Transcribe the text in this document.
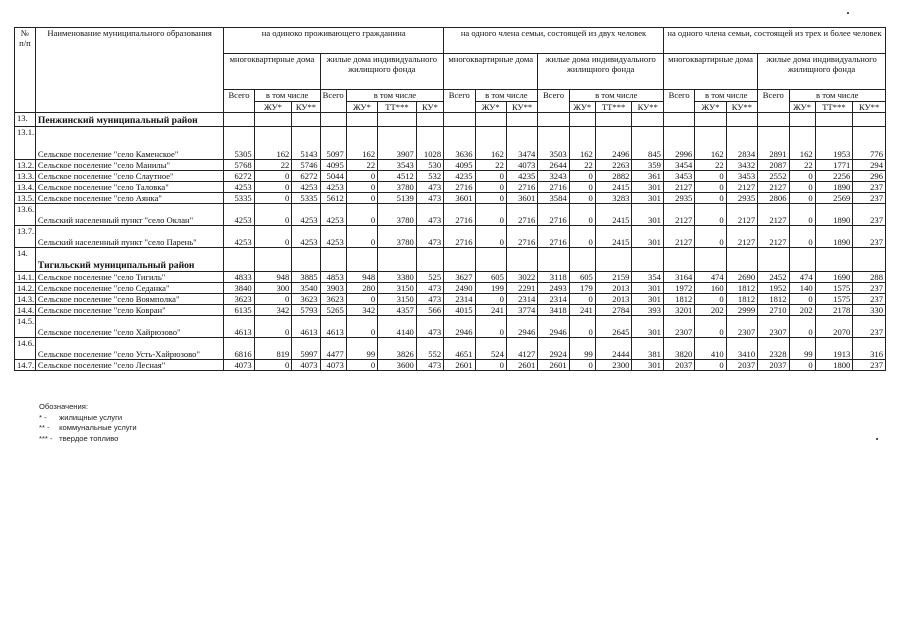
№ п/п	Наименование муниципального образования	на одиноко проживающего гражданина							на одного члена семьи, состоящей из двух человек							на одного члена семьи, состоящей из трех и более человек						
		многоквартирные дома			жилые дома индивидуального жилищного фонда				многоквартирные дома			жилые дома индивидуального жилищного фонда				многоквартирные дома			жилые дома индивидуального жилищного фонда			
		Всего	в том числе		Всего	в том числе			Всего	в том числе		Всего	в том числе			Всего	в том числе		Всего	в том числе		
			ЖУ*	КУ**		ЖУ*	ТТ***	КУ*		ЖУ*	КУ**		ЖУ*	ТТ***	КУ**		ЖУ*	КУ**		ЖУ*	ТТ***	КУ**
13.	Пенжинский муниципальный район																					
13.1.	Сельское поселение "село Каменское"	5305	162	5143	5097	162	3907	1028	3636	162	3474	3503	162	2496	845	2996	162	2834	2891	162	1953	776
13.2.	Сельское поселение "село Манилы"	5768	22	5746	4095	22	3543	530	4095	22	4073	2644	22	2263	359	3454	22	3432	2087	22	1771	294
13.3.	Сельское поселение "село Слаутное"	6272	0	6272	5044	0	4512	532	4235	0	4235	3243	0	2882	361	3453	0	3453	2552	0	2256	296
13.4.	Сельское поселение "село Таловка"	4253	0	4253	4253	0	3780	473	2716	0	2716	2716	0	2415	301	2127	0	2127	2127	0	1890	237
13.5.	Сельское поселение "село Аянка"	5335	0	5335	5612	0	5139	473	3601	0	3601	3584	0	3283	301	2935	0	2935	2806	0	2569	237
13.6.	Сельский населенный пункт "село Оклан"	4253	0	4253	4253	0	3780	473	2716	0	2716	2716	0	2415	301	2127	0	2127	2127	0	1890	237
13.7.	Сельский населенный пункт "село Парень"	4253	0	4253	4253	0	3780	473	2716	0	2716	2716	0	2415	301	2127	0	2127	2127	0	1890	237
14.	Тигильский муниципальный район																					
14.1.	Сельское поселение "село Тигиль"	4833	948	3885	4853	948	3380	525	3627	605	3022	3118	605	2159	354	3164	474	2690	2452	474	1690	288
14.2.	Сельское поселение "село Седанка"	3840	300	3540	3903	280	3150	473	2490	199	2291	2493	179	2013	301	1972	160	1812	1952	140	1575	237
14.3.	Сельское поселение "село Воямполка"	3623	0	3623	3623	0	3150	473	2314	0	2314	2314	0	2013	301	1812	0	1812	1812	0	1575	237
14.4.	Сельское поселение "село Ковран"	6135	342	5793	5265	342	4357	566	4015	241	3774	3418	241	2784	393	3201	202	2999	2710	202	2178	330
14.5.	Сельское поселение "село Хайрюзово"	4613	0	4613	4613	0	4140	473	2946	0	2946	2946	0	2645	301	2307	0	2307	2307	0	2070	237
14.6.	Сельское поселение "село Усть-Хайрюзово"	6816	819	5997	4477	99	3826	552	4651	524	4127	2924	99	2444	381	3820	410	3410	2328	99	1913	316
14.7.	Сельское поселение "село Лесная"	4073	0	4073	4073	0	3600	473	2601	0	2601	2601	0	2300	301	2037	0	2037	2037	0	1800	237
Обозначения:
* - жилищные услуги
** - коммунальные услуги
*** - твердое топливо
